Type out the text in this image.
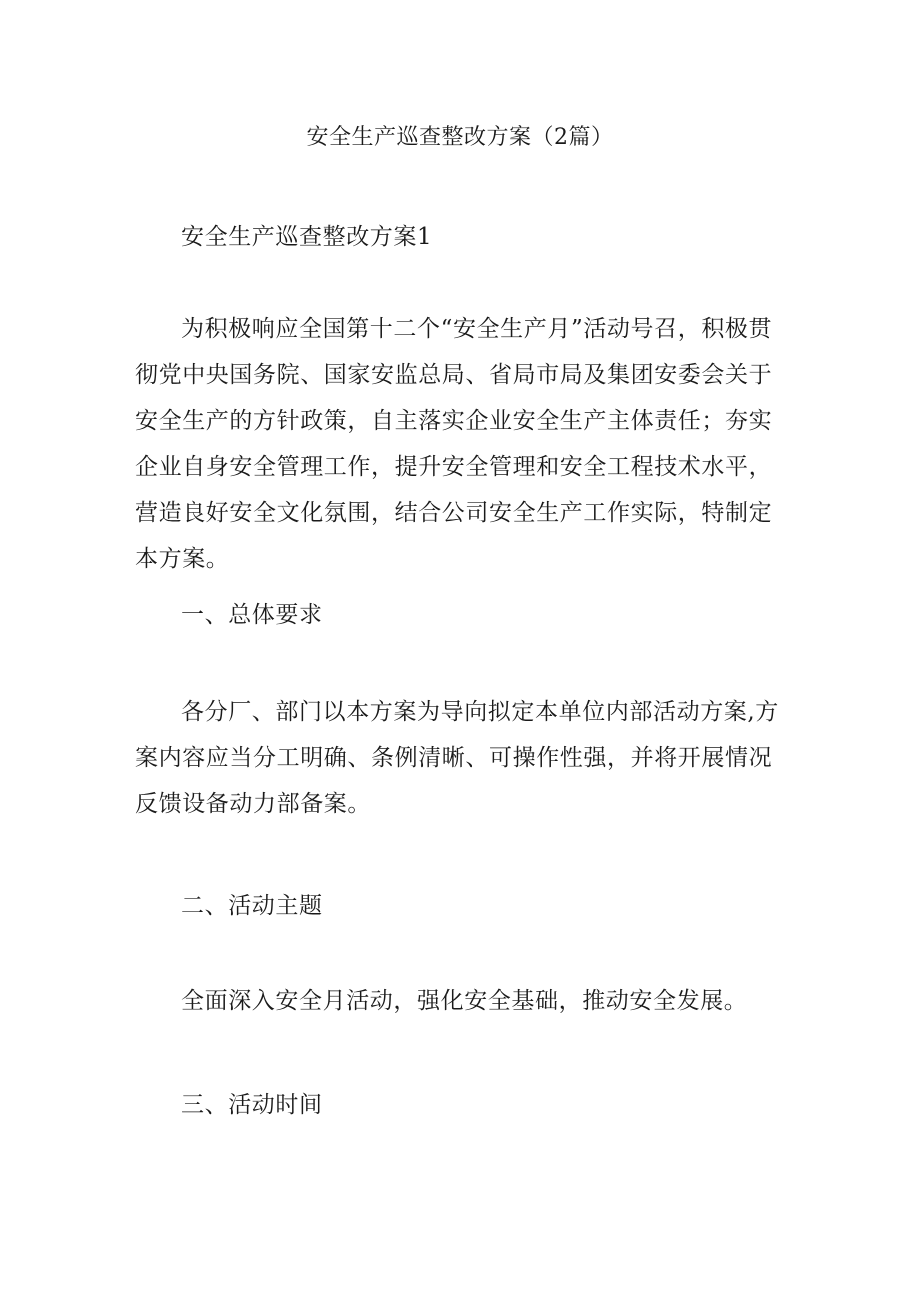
安全生产巡查整改方案（2篇）

安全生产巡查整改方案1

为积极响应全国第十二个“安全生产月”活动号召，积极贯彻党中央国务院、国家安监总局、省局市局及集团安委会关于安全生产的方针政策，自主落实企业安全生产主体责任；夯实企业自身安全管理工作，提升安全管理和安全工程技术水平，营造良好安全文化氛围，结合公司安全生产工作实际，特制定本方案。

一、总体要求

各分厂、部门以本方案为导向拟定本单位内部活动方案,方案内容应当分工明确、条例清晰、可操作性强，并将开展情况反馈设备动力部备案。

二、活动主题

全面深入安全月活动，强化安全基础，推动安全发展。

三、活动时间
